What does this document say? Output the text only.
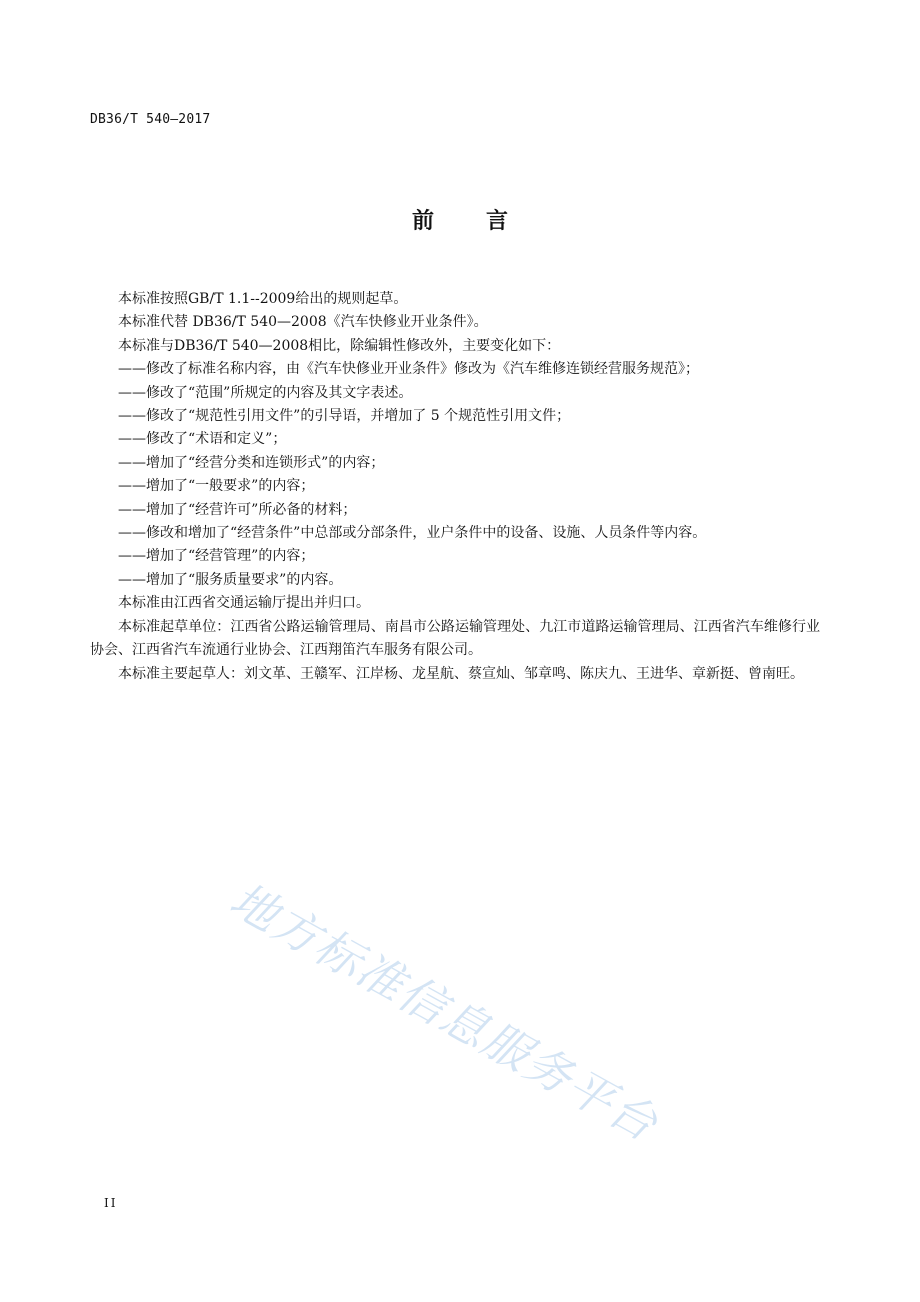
DB36/T 540—2017
前言

本标准按照GB/T 1.1--2009给出的规则起草。

本标准代替 DB36/T 540—2008《汽车快修业开业条件》。

本标准与DB36/T 540—2008相比，除编辑性修改外，主要变化如下：

——修改了标准名称内容，由《汽车快修业开业条件》修改为《汽车维修连锁经营服务规范》；

——修改了“范围”所规定的内容及其文字表述。

——修改了“规范性引用文件”的引导语，并增加了 5 个规范性引用文件；

——修改了“术语和定义”；

——增加了“经营分类和连锁形式”的内容；

——增加了“一般要求”的内容；

——增加了“经营许可”所必备的材料；

——修改和增加了“经营条件”中总部或分部条件，业户条件中的设备、设施、人员条件等内容。

——增加了“经营管理”的内容；

——增加了“服务质量要求”的内容。

本标准由江西省交通运输厅提出并归口。

本标准起草单位：江西省公路运输管理局、南昌市公路运输管理处、九江市道路运输管理局、江西省汽车维修行业协会、江西省汽车流通行业协会、江西翔笛汽车服务有限公司。

本标准主要起草人：刘文革、王赣军、江岸杨、龙星航、蔡宣灿、邹章鸣、陈庆九、王进华、章新挺、曾南旺。

地方标准信息服务平台
II
